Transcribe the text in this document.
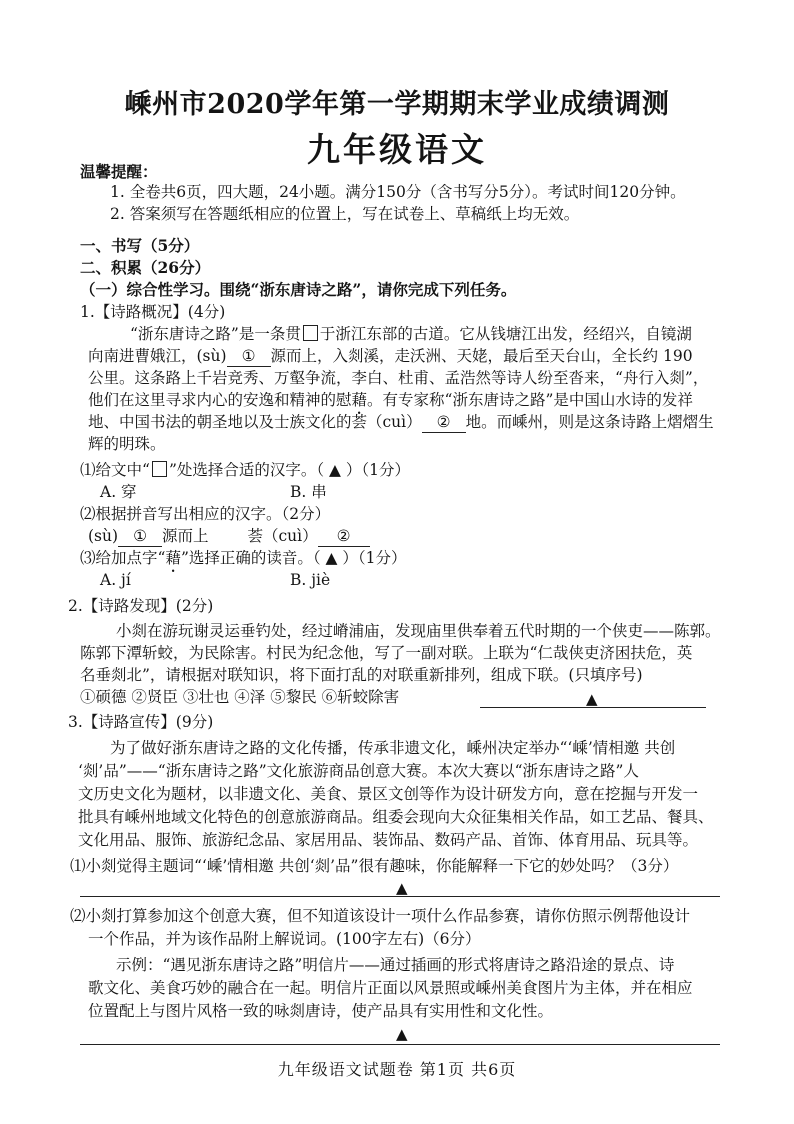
嵊州市2020学年第一学期期末学业成绩调测
九年级语文
温馨提醒：
1. 全卷共6页，四大题，24小题。满分150分（含书写分5分）。考试时间120分钟。
2. 答案须写在答题纸相应的位置上，写在试卷上、草稿纸上均无效。
一、书写（5分）
二、积累（26分）
（一）综合性学习。围绕“浙东唐诗之路”，请你完成下列任务。
1.【诗路概况】(4分)
“浙东唐诗之路”是一条贯 于浙江东部的古道。它从钱塘江出发，经绍兴，自镜湖
向南进曹娥江，(sù) ① 源而上，入剡溪，走沃洲、天姥，最后至天台山，全长约 190
公里。这条路上千岩竞秀、万壑争流，李白、杜甫、孟浩然等诗人纷至沓来，“舟行入剡”，
他们在这里寻求内心的安逸和精神的慰藉。有专家称“浙东唐诗之路”是中国山水诗的发祥
地、中国书法的朝圣地以及士族文化的荟（cuì） ② 地。而嵊州，则是这条诗路上熠熠生
辉的明珠。
⑴给文中“ ”处选择合适的汉字。（ ▲ ）（1分）
A. 穿	B. 串
⑵根据拼音写出相应的汉字。（2分）
(sù) ① 源而上	荟（cuì） ②
⑶给加点字“藉”选择正确的读音。（ ▲ ）（1分）
A. jí	B. jiè
2.【诗路发现】(2分)
小剡在游玩谢灵运垂钓处，经过嵴浦庙，发现庙里供奉着五代时期的一个侠吏——陈郭。
陈郭下潭斩蛟，为民除害。村民为纪念他，写了一副对联。上联为“仁哉侠吏济困扶危，英
名垂剡北”，请根据对联知识，将下面打乱的对联重新排列，组成下联。(只填序号)
①硕德 ②贤臣 ③壮也 ④泽 ⑤黎民 ⑥斩蛟除害	▲
3.【诗路宣传】(9分)
为了做好浙东唐诗之路的文化传播，传承非遗文化，嵊州决定举办“‘嵊’情相邀 共创
‘剡’品”——“浙东唐诗之路”文化旅游商品创意大赛。本次大赛以“浙东唐诗之路”人
文历史文化为题材，以非遗文化、美食、景区文创等作为设计研发方向，意在挖掘与开发一
批具有嵊州地域文化特色的创意旅游商品。组委会现向大众征集相关作品，如工艺品、餐具、
文化用品、服饰、旅游纪念品、家居用品、装饰品、数码产品、首饰、体育用品、玩具等。
⑴小剡觉得主题词“‘嵊’情相邀 共创‘剡’品”很有趣味，你能解释一下它的妙处吗？（3分）
▲
⑵小剡打算参加这个创意大赛，但不知道该设计一项什么作品参赛，请你仿照示例帮他设计
一个作品，并为该作品附上解说词。(100字左右)（6分）
示例：“遇见浙东唐诗之路”明信片——通过插画的形式将唐诗之路沿途的景点、诗
歌文化、美食巧妙的融合在一起。明信片正面以风景照或嵊州美食图片为主体，并在相应
位置配上与图片风格一致的咏剡唐诗，使产品具有实用性和文化性。
▲
九年级语文试题卷 第1页 共6页
